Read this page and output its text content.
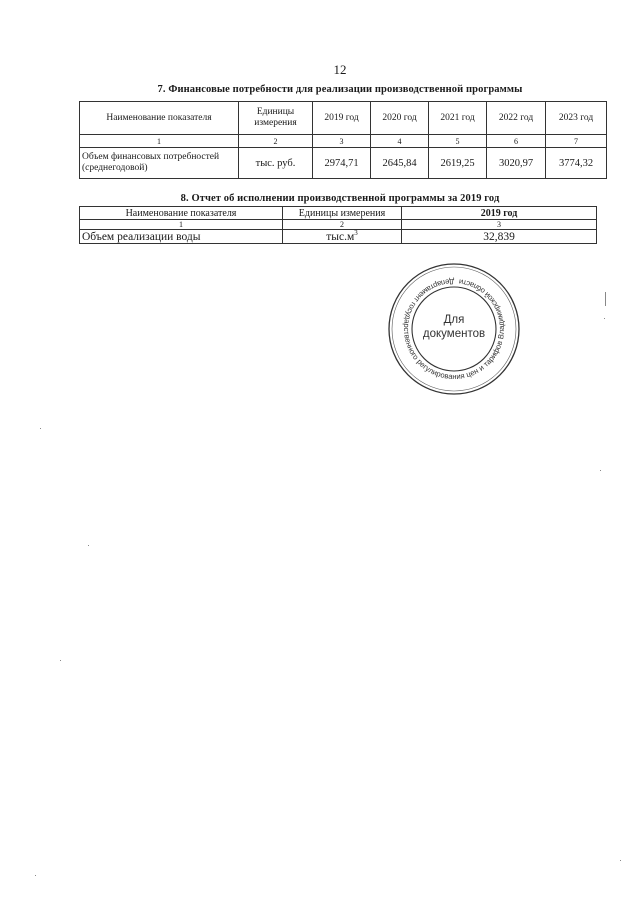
12
7. Финансовые потребности для реализации производственной программы
Наименование показателя	Единицы измерения	2019 год	2020 год	2021 год	2022 год	2023 год
1	2	3	4	5	6	7
Объем финансовых потребностей (среднегодовой)	тыс. руб.	2974,71	2645,84	2619,25	3020,97	3774,32
8. Отчет об исполнении производственной программы за 2019 год
Наименование показателя	Единицы измерения	2019 год
1	2	3
Объем реализации воды	$тыс.м^3$	32,839
Департамент государственного регулирования цен и тарифов Владимирской области
Для
документов
